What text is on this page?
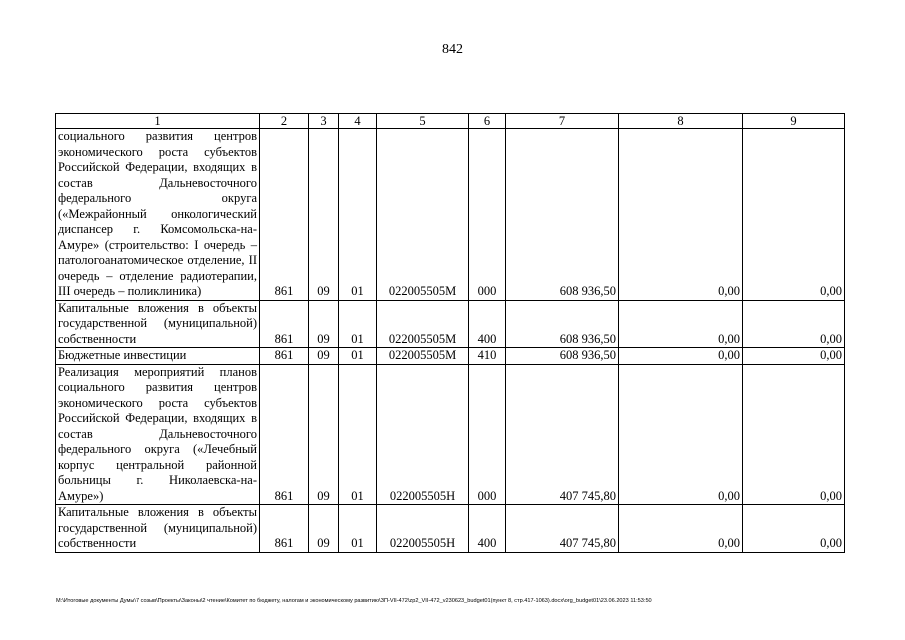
842
1	2	3	4	5	6	7	8	9
социального развития центров экономического роста субъектов Российской Федерации, входящих в состав Дальневосточного федерального округа («Межрайонный онкологический диспансер г. Комсомольска-на-Амуре» (строительство: I очередь – патологоанатомическое отделение, II очередь – отделение радиотерапии, III очередь – поликлиника)	861	09	01	022005505М	000	608 936,50	0,00	0,00
Капитальные вложения в объекты государственной (муниципальной) собственности	861	09	01	022005505М	400	608 936,50	0,00	0,00
Бюджетные инвестиции	861	09	01	022005505М	410	608 936,50	0,00	0,00
Реализация мероприятий планов социального развития центров экономического роста субъектов Российской Федерации, входящих в состав Дальневосточного федерального округа («Лечебный корпус центральной районной больницы г. Николаевска-на-Амуре»)	861	09	01	022005505Н	000	407 745,80	0,00	0,00
Капитальные вложения в объекты государственной (муниципальной) собственности	861	09	01	022005505Н	400	407 745,80	0,00	0,00
M:\Итоговые документы Думы\7 созыв\Проекты\Законы\2 чтение\Комитет по бюджету, налогам и экономическому развитию\ЗП-VII-472\zp2_VII-472_v230623_budget01(пункт 8, стр.417-1063).docx\org_budget01\23.06.2023 11:53:50
